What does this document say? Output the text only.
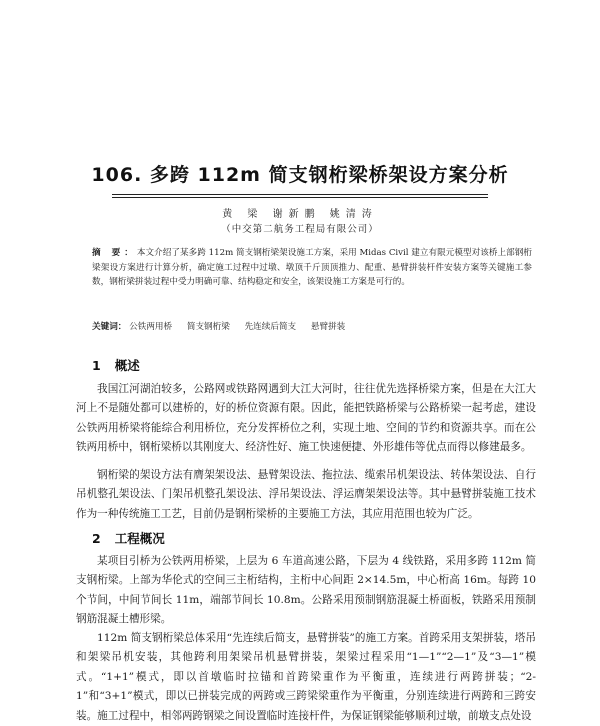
106. 多跨 112m 简支钢桁梁桥架设方案分析
黄 梁 谢新鹏 姚清涛
（中交第二航务工程局有限公司）
摘 要：本文介绍了某多跨 112m 简支钢桁梁架设施工方案，采用 Midas Civil 建立有限元模型对该桥上部钢桁梁架设方案进行计算分析，确定施工过程中过墩、墩顶千斤顶顶推力、配重、悬臂拼装杆件安装方案等关键施工参数，钢桁梁拼装过程中受力明确可靠、结构稳定和安全，该架设施工方案是可行的。
关键词： 公铁两用桥 简支钢桁梁 先连续后简支 悬臂拼装
1 概述
我国江河湖泊较多，公路网或铁路网遇到大江大河时，往往优先选择桥梁方案，但是在大江大河上不是随处都可以建桥的，好的桥位资源有限。因此，能把铁路桥梁与公路桥梁一起考虑，建设公铁两用桥梁将能综合利用桥位，充分发挥桥位之利，实现土地、空间的节约和资源共享。而在公铁两用桥中，钢桁梁桥以其刚度大、经济性好、施工快速便捷、外形雄伟等优点而得以修建最多。
钢桁梁的架设方法有膺架架设法、悬臂架设法、拖拉法、缆索吊机架设法、转体架设法、自行吊机整孔架设法、门架吊机整孔架设法、浮吊架设法、浮运膺架架设法等。其中悬臂拼装施工技术作为一种传统施工工艺，目前仍是钢桁梁桥的主要施工方法，其应用范围也较为广泛。
2 工程概况
某项目引桥为公铁两用桥梁，上层为 6 车道高速公路，下层为 4 线铁路，采用多跨 112m 简支钢桁梁。上部为华伦式的空间三主桁结构，主桁中心间距 2×14.5m，中心桁高 16m。每跨 10 个节间，中间节间长 11m，端部节间长 10.8m。公路采用预制钢筋混凝土桥面板，铁路采用预制钢筋混凝土槽形梁。
112m 简支钢桁梁总体采用“先连续后简支，悬臂拼装”的施工方案。首跨采用支架拼装，塔吊和架梁吊机安装，其他跨利用架梁吊机悬臂拼装，架梁过程采用“1—1”“2—1”及“3—1”模式。“1+1”模式，即以首墩临时拉锚和首跨梁重作为平衡重，连续进行两跨拼装；“2-1”和“3+1”模式，即以已拼装完成的两跨或三跨梁梁重作为平衡重，分别连续进行两跨和三跨安装。施工过程中，相邻两跨钢梁之间设置临时连接杆件，为保证钢梁能够顺利过墩，前墩支点处设
